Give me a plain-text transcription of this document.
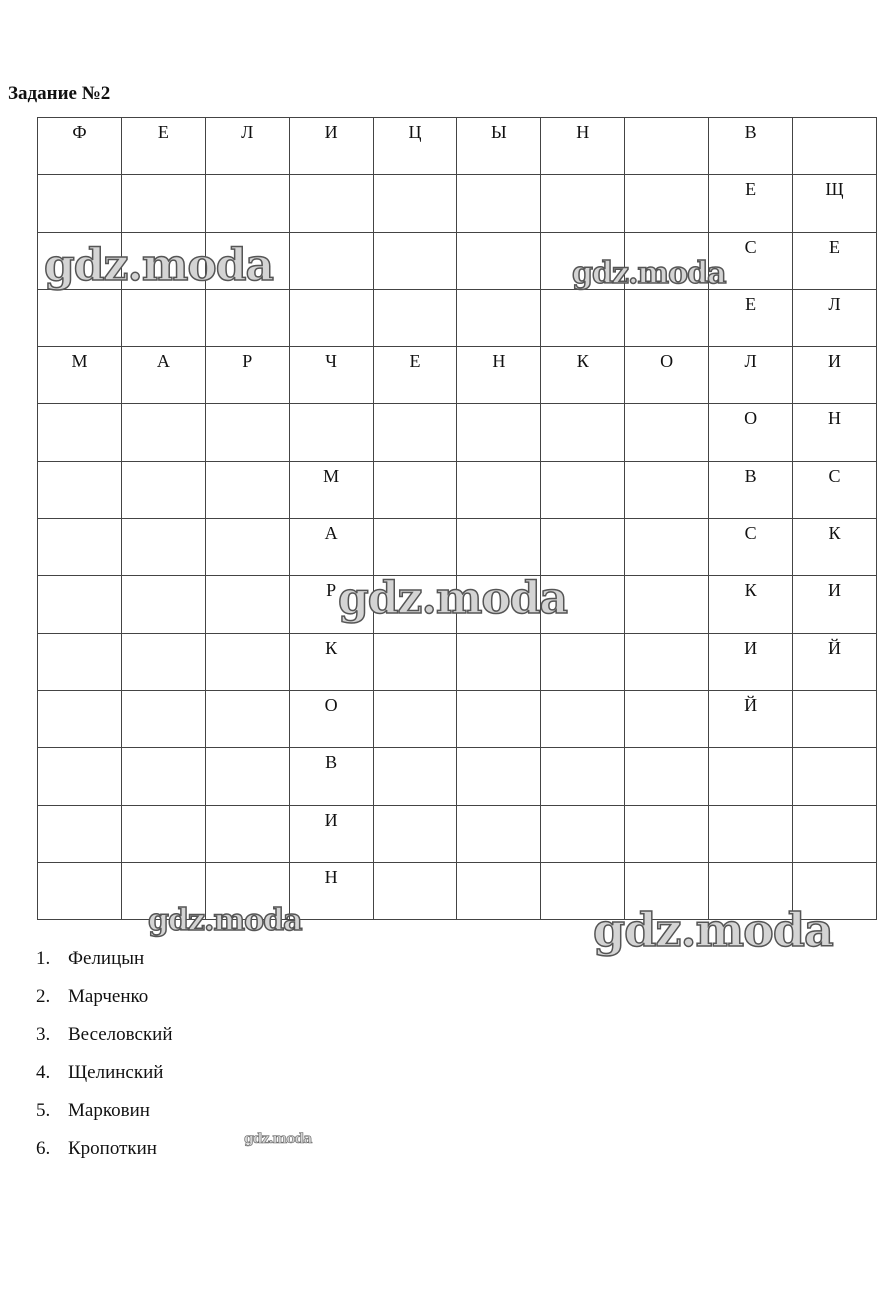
Задание №2
Ф	Е	Л	И	Ц	Ы	Н		В	
								Е	Щ
								С	Е
								Е	Л
М	А	Р	Ч	Е	Н	К	О	Л	И
								О	Н
			М					В	С
			А					С	К
			Р					К	И
			К					И	Й
			О					Й	
			В						
			И						
			Н						
1. Фелицын
2. Марченко
3. Веселовский
4. Щелинский
5. Марковин
6. Кропоткин
gdz.moda	gdz.moda
gdz.moda
gdz.moda	gdz.moda
gdz.moda
